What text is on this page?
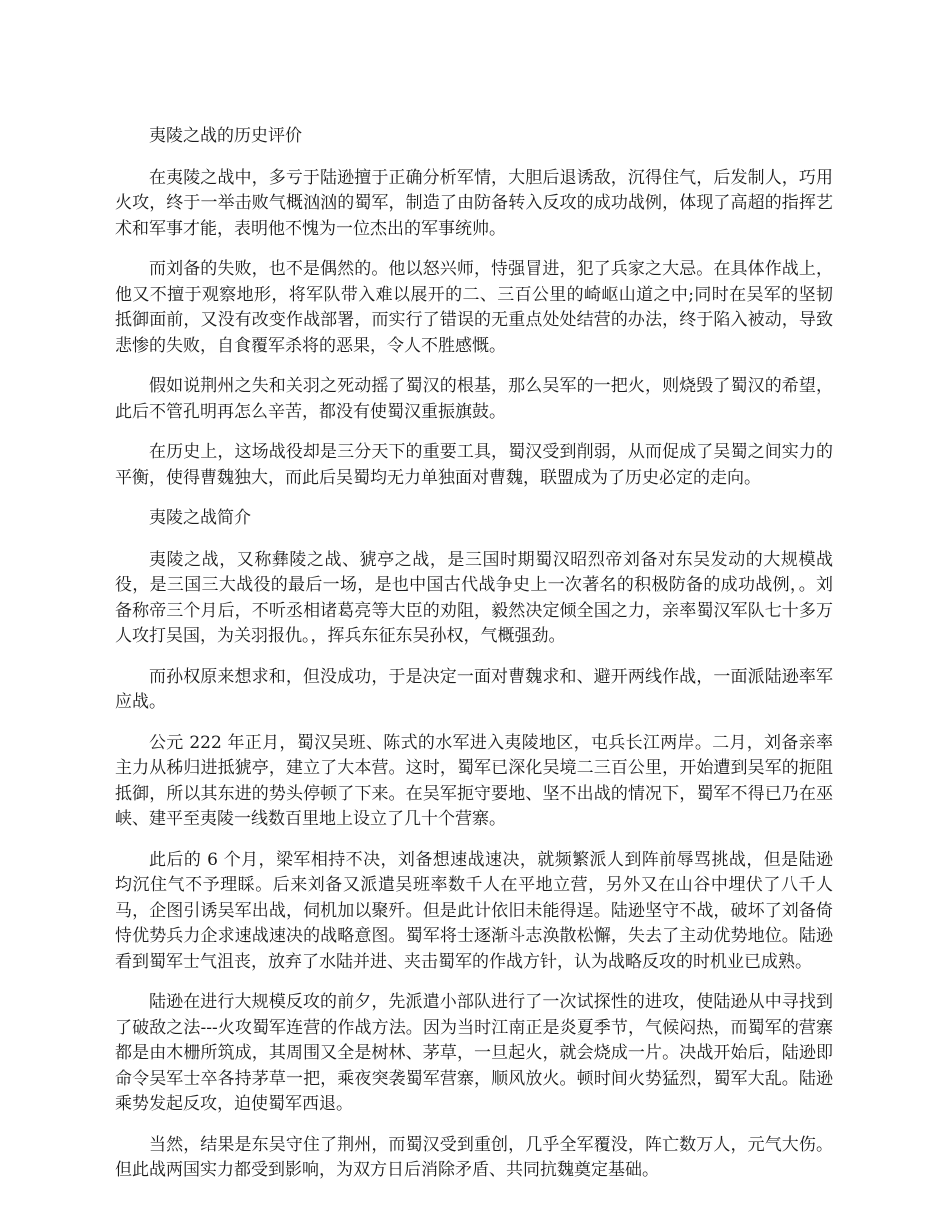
夷陵之战的历史评价

在夷陵之战中，多亏于陆逊擅于正确分析军情，大胆后退诱敌，沉得住气，后发制人，巧用火攻，终于一举击败气概汹汹的蜀军，制造了由防备转入反攻的成功战例，体现了高超的指挥艺术和军事才能，表明他不愧为一位杰出的军事统帅。

而刘备的失败，也不是偶然的。他以怒兴师，恃强冒进，犯了兵家之大忌。在具体作战上，他又不擅于观察地形，将军队带入难以展开的二、三百公里的崎岖山道之中;同时在吴军的坚韧抵御面前，又没有改变作战部署，而实行了错误的无重点处处结营的办法，终于陷入被动，导致悲惨的失败，自食覆军杀将的恶果，令人不胜感慨。

假如说荆州之失和关羽之死动摇了蜀汉的根基，那么吴军的一把火，则烧毁了蜀汉的希望，此后不管孔明再怎么辛苦，都没有使蜀汉重振旗鼓。

在历史上，这场战役却是三分天下的重要工具，蜀汉受到削弱，从而促成了吴蜀之间实力的平衡，使得曹魏独大，而此后吴蜀均无力单独面对曹魏，联盟成为了历史必定的走向。

夷陵之战简介

夷陵之战，又称彝陵之战、猇亭之战，是三国时期蜀汉昭烈帝刘备对东吴发动的大规模战役，是三国三大战役的最后一场，是也中国古代战争史上一次著名的积极防备的成功战例，。刘备称帝三个月后，不听丞相诸葛亮等大臣的劝阻，毅然决定倾全国之力，亲率蜀汉军队七十多万人攻打吴国，为关羽报仇。，挥兵东征东吴孙权，气概强劲。

而孙权原来想求和，但没成功，于是决定一面对曹魏求和、避开两线作战，一面派陆逊率军应战。

公元 222 年正月，蜀汉吴班、陈式的水军进入夷陵地区，屯兵长江两岸。二月，刘备亲率主力从秭归进抵猇亭，建立了大本营。这时，蜀军已深化吴境二三百公里，开始遭到吴军的扼阻抵御，所以其东进的势头停顿了下来。在吴军扼守要地、坚不出战的情况下，蜀军不得已乃在巫峡、建平至夷陵一线数百里地上设立了几十个营寨。

此后的 6 个月，梁军相持不决，刘备想速战速决，就频繁派人到阵前辱骂挑战，但是陆逊均沉住气不予理睬。后来刘备又派遣吴班率数千人在平地立营，另外又在山谷中埋伏了八千人马，企图引诱吴军出战，伺机加以聚歼。但是此计依旧未能得逞。陆逊坚守不战，破坏了刘备倚恃优势兵力企求速战速决的战略意图。蜀军将士逐渐斗志涣散松懈，失去了主动优势地位。陆逊看到蜀军士气沮丧，放弃了水陆并进、夹击蜀军的作战方针，认为战略反攻的时机业已成熟。

陆逊在进行大规模反攻的前夕，先派遣小部队进行了一次试探性的进攻，使陆逊从中寻找到了破敌之法---火攻蜀军连营的作战方法。因为当时江南正是炎夏季节，气候闷热，而蜀军的营寨都是由木栅所筑成，其周围又全是树林、茅草，一旦起火，就会烧成一片。决战开始后，陆逊即命令吴军士卒各持茅草一把，乘夜突袭蜀军营寨，顺风放火。顿时间火势猛烈，蜀军大乱。陆逊乘势发起反攻，迫使蜀军西退。

当然，结果是东吴守住了荆州，而蜀汉受到重创，几乎全军覆没，阵亡数万人，元气大伤。但此战两国实力都受到影响，为双方日后消除矛盾、共同抗魏奠定基础。
